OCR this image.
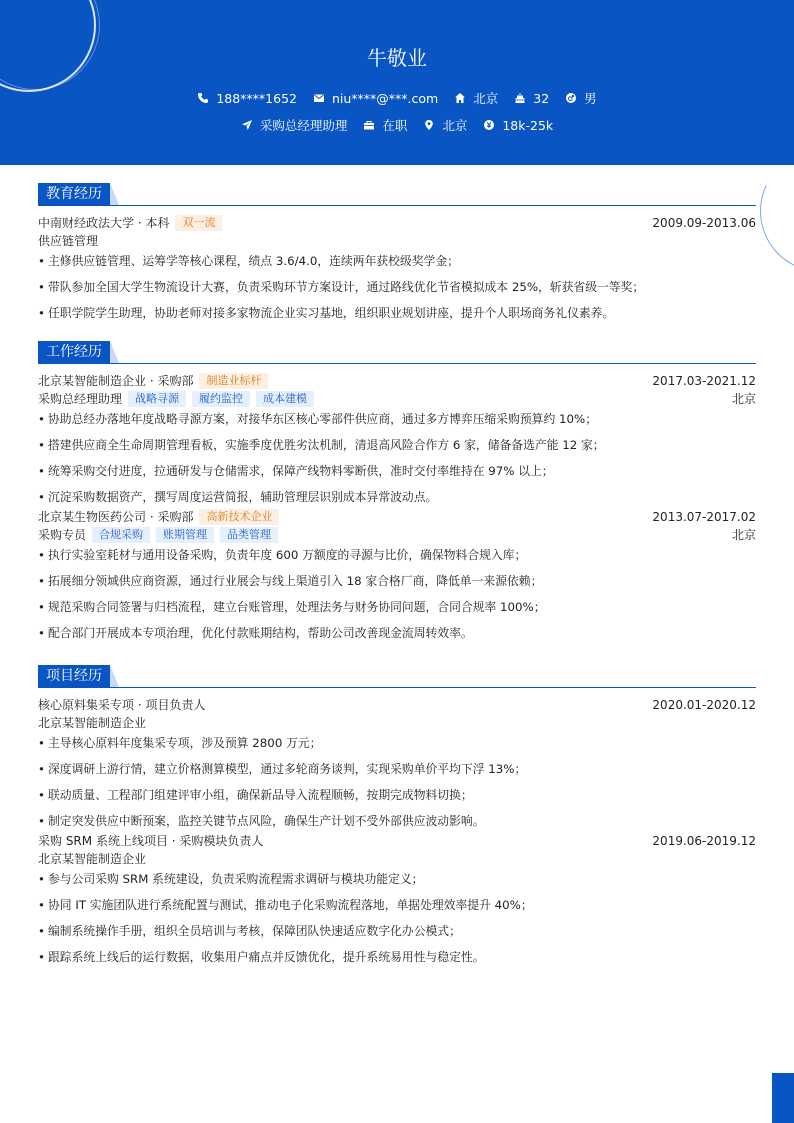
牛敬业
188****1652	niu****@***.com	北京	32	男
采购总经理助理	在职	北京	18k-25k
教育经历
中南财经政法大学 · 本科	双一流	2009.09-2013.06
供应链管理
• 主修供应链管理、运筹学等核心课程，绩点 3.6/4.0，连续两年获校级奖学金；
• 带队参加全国大学生物流设计大赛，负责采购环节方案设计，通过路线优化节省模拟成本 25%，斩获省级一等奖；
• 任职学院学生助理，协助老师对接多家物流企业实习基地，组织职业规划讲座，提升个人职场商务礼仪素养。
工作经历
北京某智能制造企业 · 采购部	制造业标杆	2017.03-2021.12
采购总经理助理	战略寻源	履约监控	成本建模	北京
• 协助总经办落地年度战略寻源方案，对接华东区核心零部件供应商，通过多方博弈压缩采购预算约 10%；
• 搭建供应商全生命周期管理看板，实施季度优胜劣汰机制，清退高风险合作方 6 家，储备备选产能 12 家；
• 统筹采购交付进度，拉通研发与仓储需求，保障产线物料零断供，准时交付率维持在 97% 以上；
• 沉淀采购数据资产，撰写周度运营简报，辅助管理层识别成本异常波动点。
北京某生物医药公司 · 采购部	高新技术企业	2013.07-2017.02
采购专员	合规采购	账期管理	品类管理	北京
• 执行实验室耗材与通用设备采购，负责年度 600 万额度的寻源与比价，确保物料合规入库；
• 拓展细分领域供应商资源，通过行业展会与线上渠道引入 18 家合格厂商，降低单一来源依赖；
• 规范采购合同签署与归档流程，建立台账管理，处理法务与财务协同问题，合同合规率 100%；
• 配合部门开展成本专项治理，优化付款账期结构，帮助公司改善现金流周转效率。
项目经历
核心原料集采专项 · 项目负责人	2020.01-2020.12
北京某智能制造企业
• 主导核心原料年度集采专项，涉及预算 2800 万元；
• 深度调研上游行情，建立价格测算模型，通过多轮商务谈判，实现采购单价平均下浮 13%；
• 联动质量、工程部门组建评审小组，确保新品导入流程顺畅，按期完成物料切换；
• 制定突发供应中断预案，监控关键节点风险，确保生产计划不受外部供应波动影响。
采购 SRM 系统上线项目 · 采购模块负责人	2019.06-2019.12
北京某智能制造企业
• 参与公司采购 SRM 系统建设，负责采购流程需求调研与模块功能定义；
• 协同 IT 实施团队进行系统配置与测试，推动电子化采购流程落地，单据处理效率提升 40%；
• 编制系统操作手册，组织全员培训与考核，保障团队快速适应数字化办公模式；
• 跟踪系统上线后的运行数据，收集用户痛点并反馈优化，提升系统易用性与稳定性。
